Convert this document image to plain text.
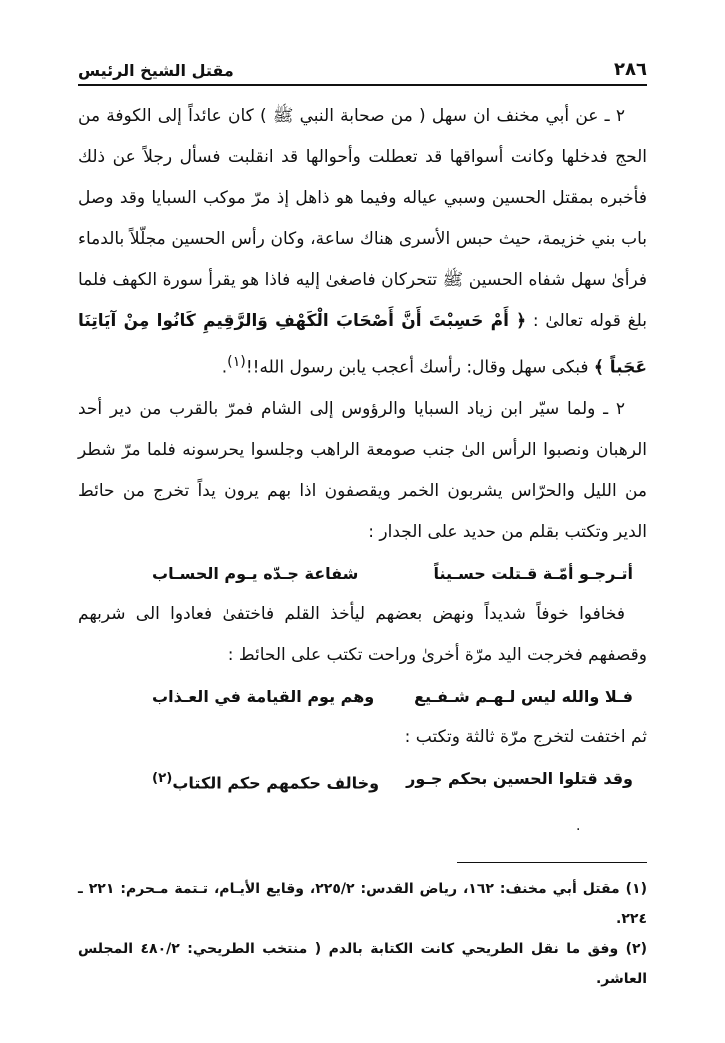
٢٨٦
مقتل الشيخ الرئيس

٢ ـ عن أبي مخنف ان سهل ( من صحابة النبي ﷺ ) كان عائداً إلى الكوفة من الحج فدخلها وكانت أسواقها قد تعطلت وأحوالها قد انقلبت فسأل رجلاً عن ذلك فأخبره بمقتل الحسين وسبي عياله وفيما هو ذاهل إذ مرّ موكب السبايا وقد وصل باب بني خزيمة، حيث حبس الأسرى هناك ساعة، وكان رأس الحسين مجلّلاً بالدماء فرأىٰ سهل شفاه الحسين ﷺ تتحركان فاصغىٰ إليه فاذا هو يقرأ سورة الكهف فلما بلغ قوله تعالىٰ : ﴿ أَمْ حَسِبْتَ أَنَّ أَصْحَابَ الْكَهْفِ وَالرَّقِيمِ كَانُوا مِنْ آيَاتِنَا عَجَباً ﴾ فبكى سهل وقال: رأسك أعجب يابن رسول الله!!$^{(١)}$.

٢ ـ ولما سيّر ابن زياد السبايا والرؤوس إلى الشام فمرّ بالقرب من دير أحد الرهبان ونصبوا الرأس الىٰ جنب صومعة الراهب وجلسوا يحرسونه فلما مرّ شطر من الليل والحرّاس يشربون الخمر ويقصفون اذا بهم يرون يداً تخرج من حائط الدير وتكتب بقلم من حديد على الجدار :

أتـرجـو أمّـة قـتلت حسـيناً
شفاعة جـدّه يـوم الحسـاب

فخافوا خوفاً شديداً ونهض بعضهم ليأخذ القلم فاختفىٰ فعادوا الى شربهم وقصفهم فخرجت اليد مرّة أخرىٰ وراحت تكتب على الحائط :

فـلا والله ليس لـهـم شـفـيع
وهم يوم القيامة في العـذاب

ثم اختفت لتخرج مرّة ثالثة وتكتب :

وقد قتلوا الحسين بحكم جـور
وخالف حكمهم حكم الكتاب$^{(٢)}$
.

(١) مقتل أبي مخنف: ١٦٢، رياض القدس: ٢٢٥/٢، وقايع الأيـام، تـتمة مـحرم: ٢٢١ ـ ٢٢٤.

(٢) وفق ما نقل الطريحي كانت الكتابة بالدم ( منتخب الطريحي: ٤٨٠/٢ المجلس العاشر.
